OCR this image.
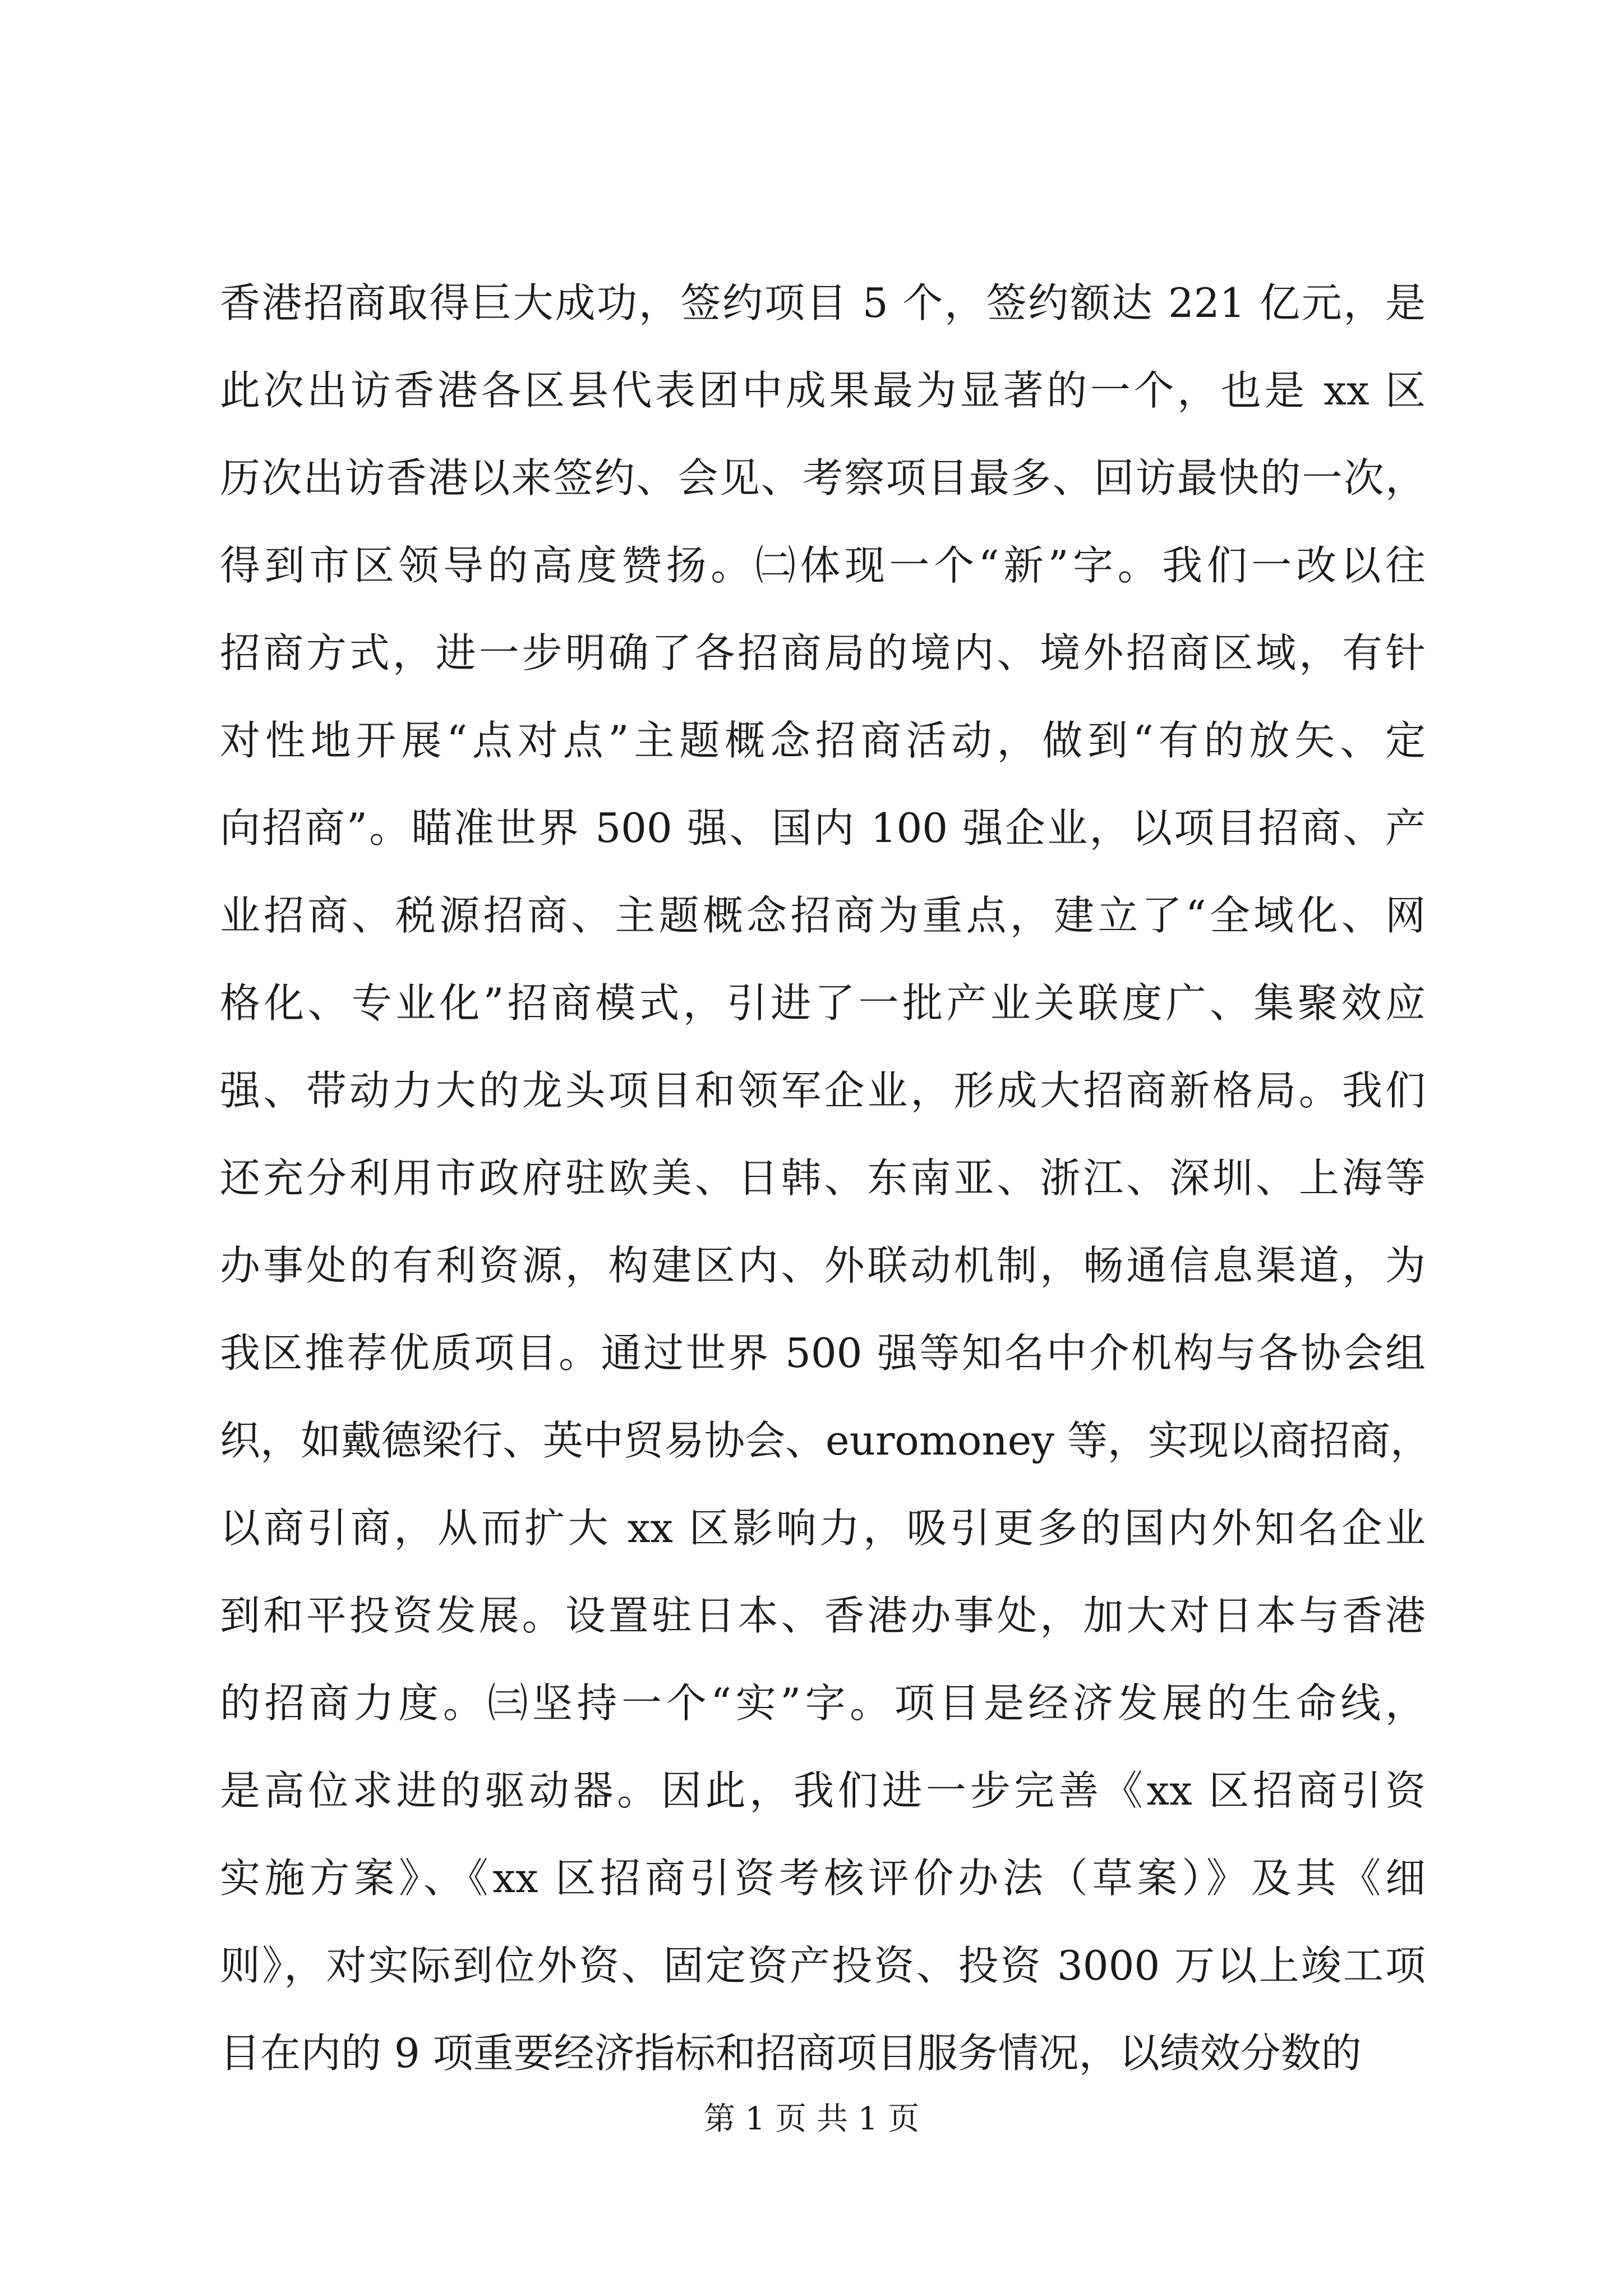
香港招商取得巨大成功，签约项目 5 个，签约额达 221 亿元，是
此次出访香港各区县代表团中成果最为显著的一个，也是 xx 区
历次出访香港以来签约、会见、考察项目最多、回访最快的一次，
得到市区领导的高度赞扬。㈡体现一个“新”字。我们一改以往
招商方式，进一步明确了各招商局的境内、境外招商区域，有针
对性地开展“点对点”主题概念招商活动，做到“有的放矢、定
向招商”。瞄准世界 500 强、国内 100 强企业，以项目招商、产
业招商、税源招商、主题概念招商为重点，建立了“全域化、网
格化、专业化”招商模式，引进了一批产业关联度广、集聚效应
强、带动力大的龙头项目和领军企业，形成大招商新格局。我们
还充分利用市政府驻欧美、日韩、东南亚、浙江、深圳、上海等
办事处的有利资源，构建区内、外联动机制，畅通信息渠道，为
我区推荐优质项目。通过世界 500 强等知名中介机构与各协会组
织，如戴德梁行、英中贸易协会、euromoney 等，实现以商招商，
以商引商，从而扩大 xx 区影响力，吸引更多的国内外知名企业
到和平投资发展。设置驻日本、香港办事处，加大对日本与香港
的招商力度。㈢坚持一个“实”字。项目是经济发展的生命线，
是高位求进的驱动器。因此，我们进一步完善《xx 区招商引资
实施方案》、《xx 区招商引资考核评价办法（草案）》及其《细
则》，对实际到位外资、固定资产投资、投资 3000 万以上竣工项
目在内的 9 项重要经济指标和招商项目服务情况，以绩效分数的
第 1 页 共 1 页
